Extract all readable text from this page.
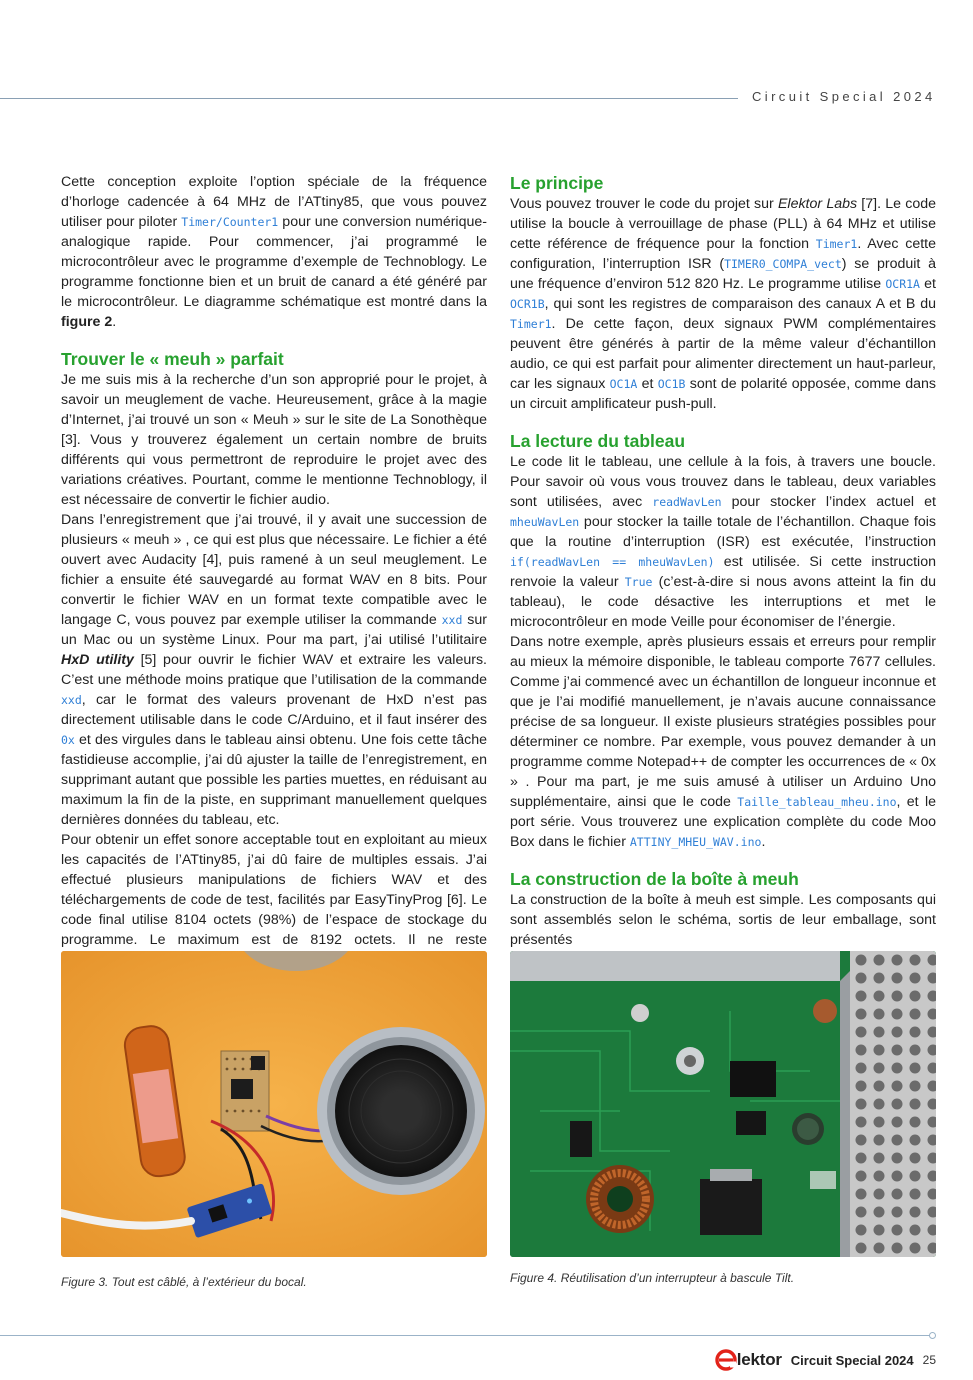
Circuit Special 2024

Cette conception exploite l’option spéciale de la fréquence d’horloge cadencée à 64 MHz de l’ATtiny85, que vous pouvez utiliser pour piloter Timer/Counter1 pour une conversion numérique-analogique rapide. Pour commencer, j’ai programmé le microcontrôleur avec le programme d’exemple de Technoblogy. Le programme fonctionne bien et un bruit de canard a été généré par le microcontrôleur. Le diagramme schématique est montré dans la figure 2.

Trouver le « meuh » parfait

Je me suis mis à la recherche d’un son approprié pour le projet, à savoir un meuglement de vache. Heureusement, grâce à la magie d’Internet, j’ai trouvé un son « Meuh » sur le site de La Sonothèque [3]. Vous y trouverez également un certain nombre de bruits différents qui vous permettront de reproduire le projet avec des variations créatives. Pourtant, comme le mentionne Technoblogy, il est nécessaire de convertir le fichier audio.

Dans l’enregistrement que j’ai trouvé, il y avait une succession de plusieurs « meuh » , ce qui est plus que nécessaire. Le fichier a été ouvert avec Audacity [4], puis ramené à un seul meuglement. Le fichier a ensuite été sauvegardé au format WAV en 8 bits. Pour convertir le fichier WAV en un format texte compatible avec le langage C, vous pouvez par exemple utiliser la commande xxd sur un Mac ou un système Linux. Pour ma part, j’ai utilisé l’utilitaire HxD utility [5] pour ouvrir le fichier WAV et extraire les valeurs. C’est une méthode moins pratique que l’utilisation de la commande xxd, car le format des valeurs provenant de HxD n’est pas directement utilisable dans le code C/Arduino, et il faut insérer des 0x et des virgules dans le tableau ainsi obtenu. Une fois cette tâche fastidieuse accomplie, j’ai dû ajuster la taille de l’enregistrement, en supprimant autant que possible les parties muettes, en réduisant au maximum la fin de la piste, en supprimant manuellement quelques dernières données du tableau, etc.

Pour obtenir un effet sonore acceptable tout en exploitant au mieux les capacités de l’ATtiny85, j’ai dû faire de multiples essais. J’ai effectué plusieurs manipulations de fichiers WAV et des téléchargements de code de test, facilités par EasyTinyProg [6]. Le code final utilise 8104 octets (98%) de l’espace de stockage du programme. Le maximum est de 8192 octets. Il ne reste

Le principe

Vous pouvez trouver le code du projet sur Elektor Labs [7]. Le code utilise la boucle à verrouillage de phase (PLL) à 64 MHz et utilise cette référence de fréquence pour la fonction Timer1. Avec cette configuration, l’interruption ISR (TIMER0_COMPA_vect) se produit à une fréquence d’environ 512 820 Hz. Le programme utilise OCR1A et OCR1B, qui sont les registres de comparaison des canaux A et B du Timer1. De cette façon, deux signaux PWM complémentaires peuvent être générés à partir de la même valeur d’échantillon audio, ce qui est parfait pour alimenter directement un haut-parleur, car les signaux OC1A et OC1B sont de polarité opposée, comme dans un circuit amplificateur push-pull.

La lecture du tableau

Le code lit le tableau, une cellule à la fois, à travers une boucle. Pour savoir où vous vous trouvez dans le tableau, deux variables sont utilisées, avec readWavLen pour stocker l’index actuel et mheuWavLen pour stocker la taille totale de l’échantillon. Chaque fois que la routine d’interruption (ISR) est exécutée, l’instruction if(readWavLen == mheuWavLen) est utilisée. Si cette instruction renvoie la valeur True (c’est-à-dire si nous avons atteint la fin du tableau), le code désactive les interruptions et met le microcontrôleur en mode Veille pour économiser de l’énergie.

Dans notre exemple, après plusieurs essais et erreurs pour remplir au mieux la mémoire disponible, le tableau comporte 7677 cellules. Comme j’ai commencé avec un échantillon de longueur inconnue et que je l’ai modifié manuellement, je n’avais aucune connaissance précise de sa longueur. Il existe plusieurs stratégies possibles pour déterminer ce nombre. Par exemple, vous pouvez demander à un programme comme Notepad++ de compter les occurrences de « 0x » . Pour ma part, je me suis amusé à utiliser un Arduino Uno supplémentaire, ainsi que le code Taille_tableau_mheu.ino, et le port série. Vous trouverez une explication complète du code Moo Box dans le fichier ATTINY_MHEU_WAV.ino.

La construction de la boîte à meuh

La construction de la boîte à meuh est simple. Les composants qui sont assemblés selon le schéma, sortis de leur emballage, sont présentés

Figure 3. Tout est câblé, à l’extérieur du bocal.	Figure 4. Réutilisation d’un interrupteur à bascule Tilt.
lektor Circuit Special 2024 25
